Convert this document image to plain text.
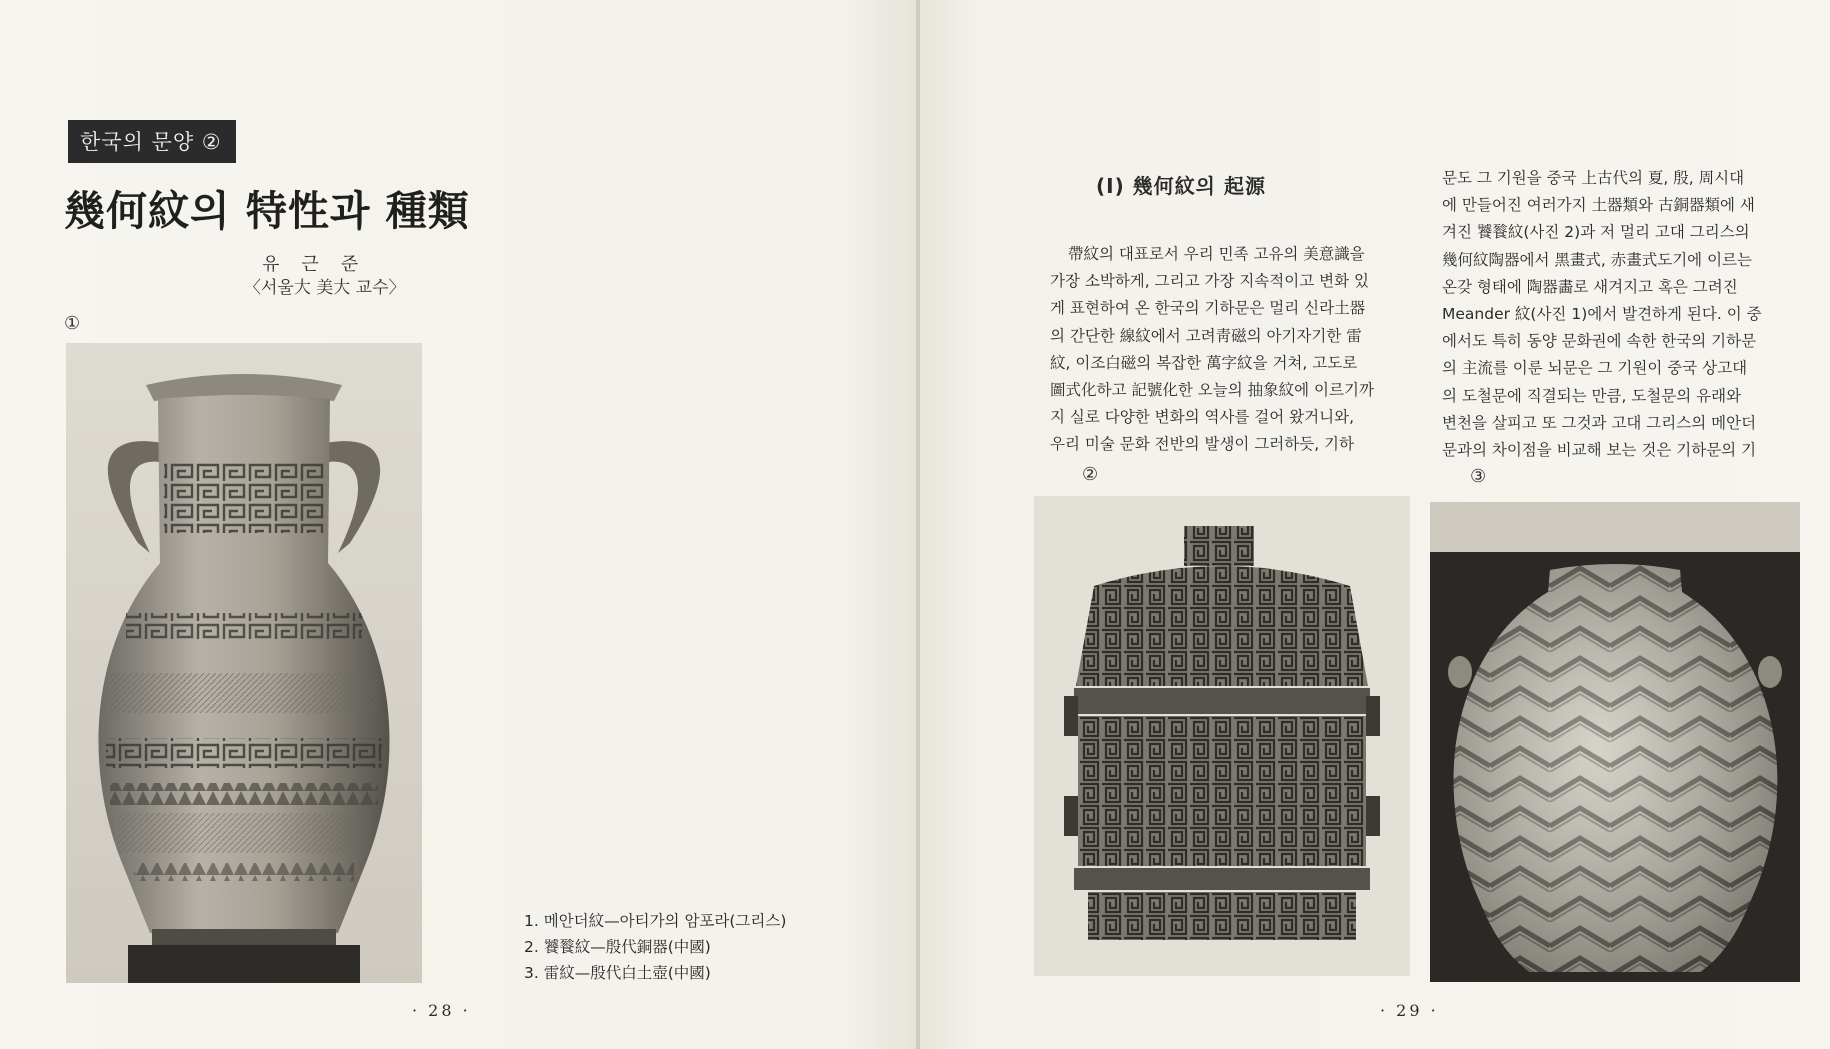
한국의 문양 ②
幾何紋의 特性과 種類
유근준
〈서울大 美大 교수〉
①
1. 메안더紋—아티가의 암포라(그리스)
2. 饕餮紋—殷代銅器(中國)
3. 雷紋—殷代白土壺(中國)
· 28 ·
(Ⅰ) 幾何紋의 起源
帶紋의 대표로서 우리 민족 고유의 美意識을
가장 소박하게, 그리고 가장 지속적이고 변화 있
게 표현하여 온 한국의 기하문은 멀리 신라土器
의 간단한 線紋에서 고려靑磁의 아기자기한 雷
紋, 이조白磁의 복잡한 萬字紋을 거쳐, 고도로
圖式化하고 記號化한 오늘의 抽象紋에 이르기까
지 실로 다양한 변화의 역사를 걸어 왔거니와,
우리 미술 문화 전반의 발생이 그러하듯, 기하
문도 그 기원을 중국 上古代의 夏, 殷, 周시대
에 만들어진 여러가지 土器類와 古銅器類에 새
겨진 饕餮紋(사진 2)과 저 멀리 고대 그리스의
幾何紋陶器에서 黑畫式, 赤畫式도기에 이르는
온갖 형태에 陶器畵로 새겨지고 혹은 그려진
Meander 紋(사진 1)에서 발견하게 된다. 이 중
에서도 특히 동양 문화권에 속한 한국의 기하문
의 主流를 이룬 뇌문은 그 기원이 중국 상고대
의 도철문에 직결되는 만큼, 도철문의 유래와
변천을 살피고 또 그것과 고대 그리스의 메안더
문과의 차이점을 비교해 보는 것은 기하문의 기
②	③
· 29 ·
